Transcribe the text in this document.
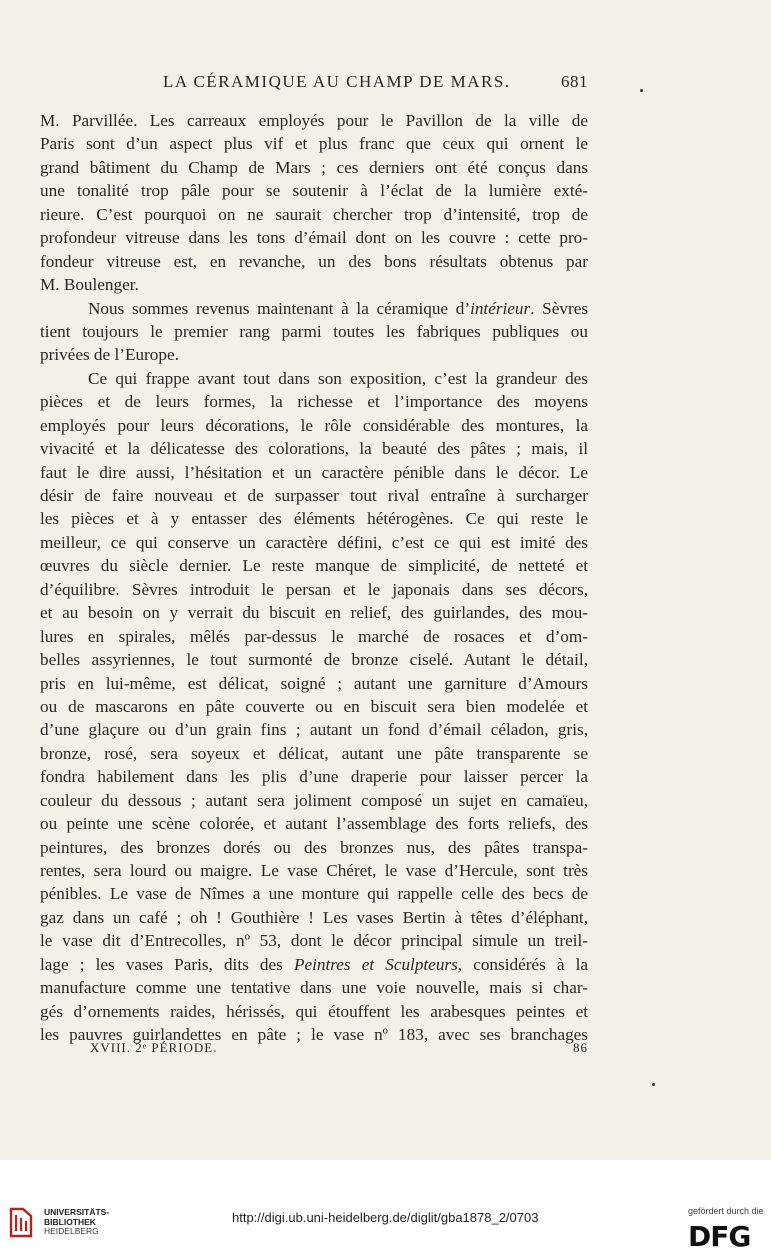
LA CÉRAMIQUE AU CHAMP DE MARS.	681
M. Parvillée. Les carreaux employés pour le Pavillon de la ville de
Paris sont d’un aspect plus vif et plus franc que ceux qui ornent le
grand bâtiment du Champ de Mars ; ces derniers ont été conçus dans
une tonalité trop pâle pour se soutenir à l’éclat de la lumière exté-
rieure. C’est pourquoi on ne saurait chercher trop d’intensité, trop de
profondeur vitreuse dans les tons d’émail dont on les couvre : cette pro-
fondeur vitreuse est, en revanche, un des bons résultats obtenus par
M. Boulenger.
Nous sommes revenus maintenant à la céramique d’intérieur. Sèvres
tient toujours le premier rang parmi toutes les fabriques publiques ou
privées de l’Europe.
Ce qui frappe avant tout dans son exposition, c’est la grandeur des
pièces et de leurs formes, la richesse et l’importance des moyens
employés pour leurs décorations, le rôle considérable des montures, la
vivacité et la délicatesse des colorations, la beauté des pâtes ; mais, il
faut le dire aussi, l’hésitation et un caractère pénible dans le décor. Le
désir de faire nouveau et de surpasser tout rival entraîne à surcharger
les pièces et à y entasser des éléments hétérogènes. Ce qui reste le
meilleur, ce qui conserve un caractère défini, c’est ce qui est imité des
œuvres du siècle dernier. Le reste manque de simplicité, de netteté et
d’équilibre. Sèvres introduit le persan et le japonais dans ses décors,
et au besoin on y verrait du biscuit en relief, des guirlandes, des mou-
lures en spirales, mêlés par-dessus le marché de rosaces et d’om-
belles assyriennes, le tout surmonté de bronze ciselé. Autant le détail,
pris en lui-même, est délicat, soigné ; autant une garniture d’Amours
ou de mascarons en pâte couverte ou en biscuit sera bien modelée et
d’une glaçure ou d’un grain fins ; autant un fond d’émail céladon, gris,
bronze, rosé, sera soyeux et délicat, autant une pâte transparente se
fondra habilement dans les plis d’une draperie pour laisser percer la
couleur du dessous ; autant sera joliment composé un sujet en camaïeu,
ou peinte une scène colorée, et autant l’assemblage des forts reliefs, des
peintures, des bronzes dorés ou des bronzes nus, des pâtes transpa-
rentes, sera lourd ou maigre. Le vase Chéret, le vase d’Hercule, sont très
pénibles. Le vase de Nîmes a une monture qui rappelle celle des becs de
gaz dans un café ; oh ! Gouthière ! Les vases Bertin à têtes d’éléphant,
le vase dit d’Entrecolles, nº 53, dont le décor principal simule un treil-
lage ; les vases Paris, dits des Peintres et Sculpteurs, considérés à la
manufacture comme une tentative dans une voie nouvelle, mais si char-
gés d’ornements raides, hérissés, qui étouffent les arabesques peintes et
les pauvres guirlandettes en pâte ; le vase nº 183, avec ses branchages
XVIII. 2ᵉ PÉRIODE.	86
UNIVERSITÄTS-
BIBLIOTHEK
HEIDELBERG
http://digi.ub.uni-heidelberg.de/diglit/gba1878_2/0703	gefördert durch die
DFG
